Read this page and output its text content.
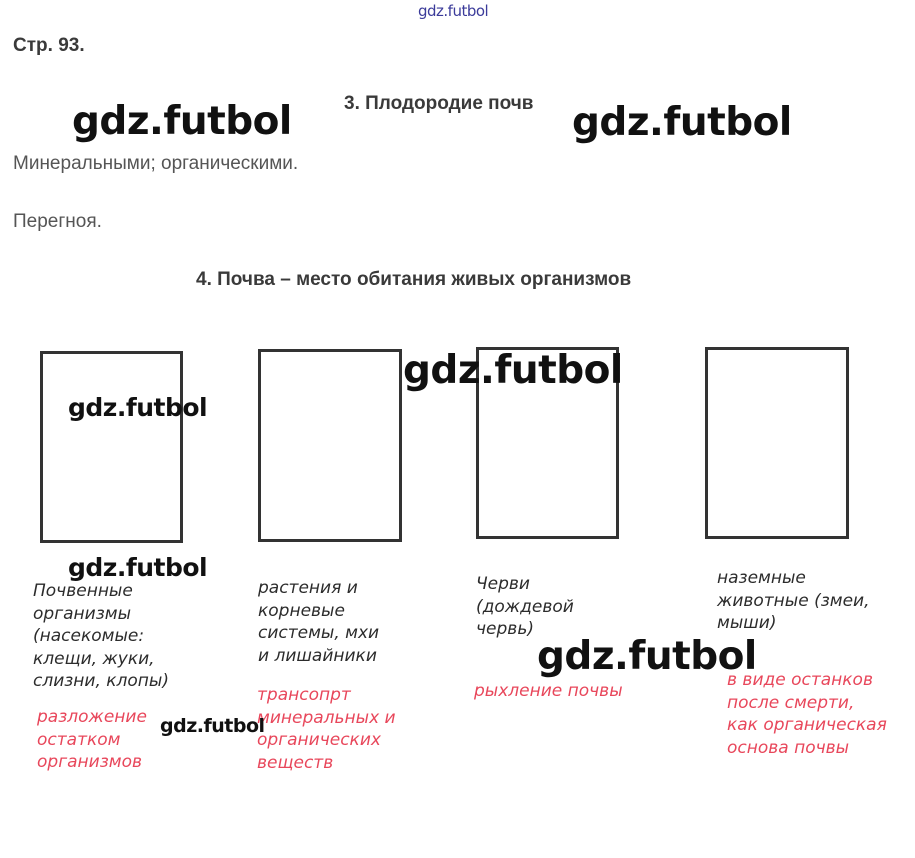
gdz.futbol
Стр. 93.
3. Плодородие почв
Минеральными; органическими.
Перегноя.
4. Почва – место обитания живых организмов
Почвенные
организмы
(насекомые:
клещи, жуки,
слизни, клопы)
растения и
корневые
системы, мхи
и лишайники
Черви
(дождевой
червь)
наземные
животные (змеи,
мыши)
разложение
остатком
организмов
трансопрт
минеральных и
органических
веществ
рыхление почвы
в виде останков
после смерти,
как органическая
основа почвы
gdz.futbol	gdz.futbol
gdz.futbol
gdz.futbol
gdz.futbol
gdz.futbol
gdz.futbol
